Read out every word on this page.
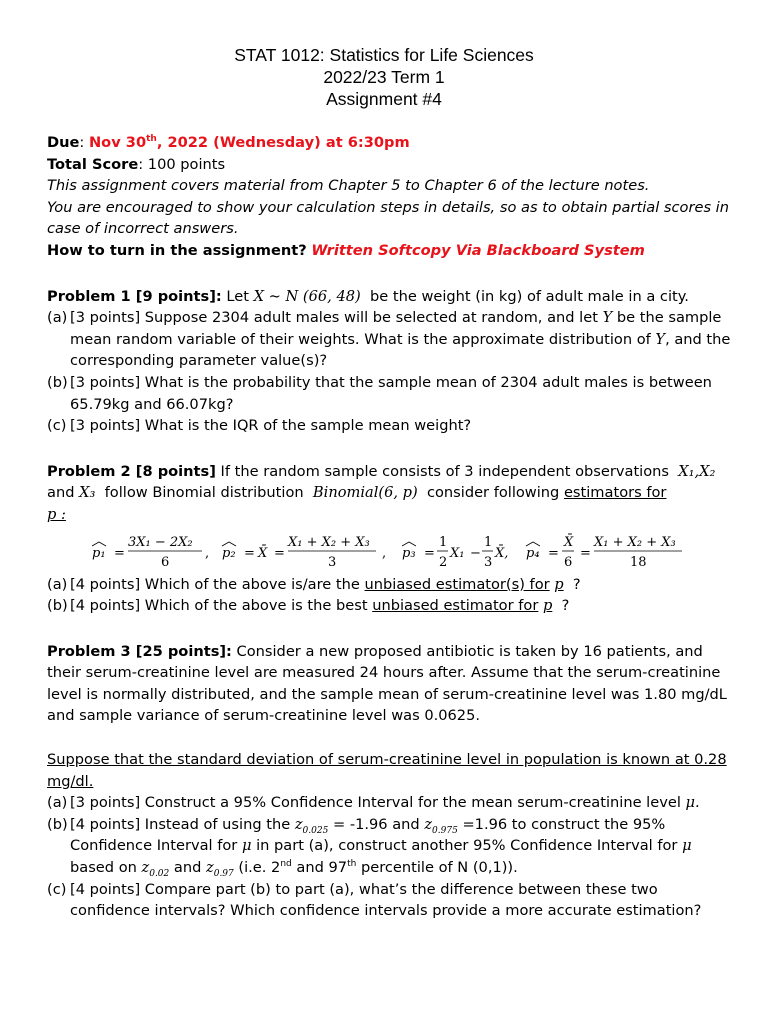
STAT 1012: Statistics for Life Sciences
2022/23 Term 1
Assignment #4

Due: Nov 30th, 2022 (Wednesday) at 6:30pm

Total Score: 100 points

This assignment covers material from Chapter 5 to Chapter 6 of the lecture notes.

You are encouraged to show your calculation steps in details, so as to obtain partial scores in case of incorrect answers.

How to turn in the assignment? Written Softcopy Via Blackboard System

Problem 1 [9 points]: Let X ~ N (66, 48) be the weight (in kg) of adult male in a city.

(a) [3 points] Suppose 2304 adult males will be selected at random, and let Y be the sample mean random variable of their weights. What is the approximate distribution of Y, and the corresponding parameter value(s)?
(b) [3 points] What is the probability that the sample mean of 2304 adult males is between 65.79kg and 66.07kg?
(c) [3 points] What is the IQR of the sample mean weight?

Problem 2 [8 points] If the random sample consists of 3 independent observations X₁,X₂
and X₃ follow Binomial distribution Binomial(6, p) consider following estimators for
p :

p₁ =
3X₁ − 2X₂
6
, p₂ = X̄ =
X₁ + X₂ + X₃
3
, p₃ =
1
2
X₁ −
1
3
X̄, p₄ =
X̄
6
=
X₁ + X₂ + X₃
18
(a) [4 points] Which of the above is/are the unbiased estimator(s) for p ?
(b) [4 points] Which of the above is the best unbiased estimator for p ?

Problem 3 [25 points]: Consider a new proposed antibiotic is taken by 16 patients, and their serum-creatinine level are measured 24 hours after. Assume that the serum-creatinine level is normally distributed, and the sample mean of serum-creatinine level was 1.80 mg/dL and sample variance of serum-creatinine level was 0.0625.

Suppose that the standard deviation of serum-creatinine level in population is known at 0.28 mg/dl.

(a) [3 points] Construct a 95% Confidence Interval for the mean serum-creatinine level μ.
(b) [4 points] Instead of using the $z_{0.025} = -1.96$ and $z_{0.975} =1.96$ to construct the 95% Confidence Interval for μ in part (a), construct another 95% Confidence Interval for μ based on $z_{0.02}$ and $z_{0.97}$ (i.e. 2nd and 97th percentile of N (0,1)).
(c) [4 points] Compare part (b) to part (a), what’s the difference between these two confidence intervals? Which confidence intervals provide a more accurate estimation?
